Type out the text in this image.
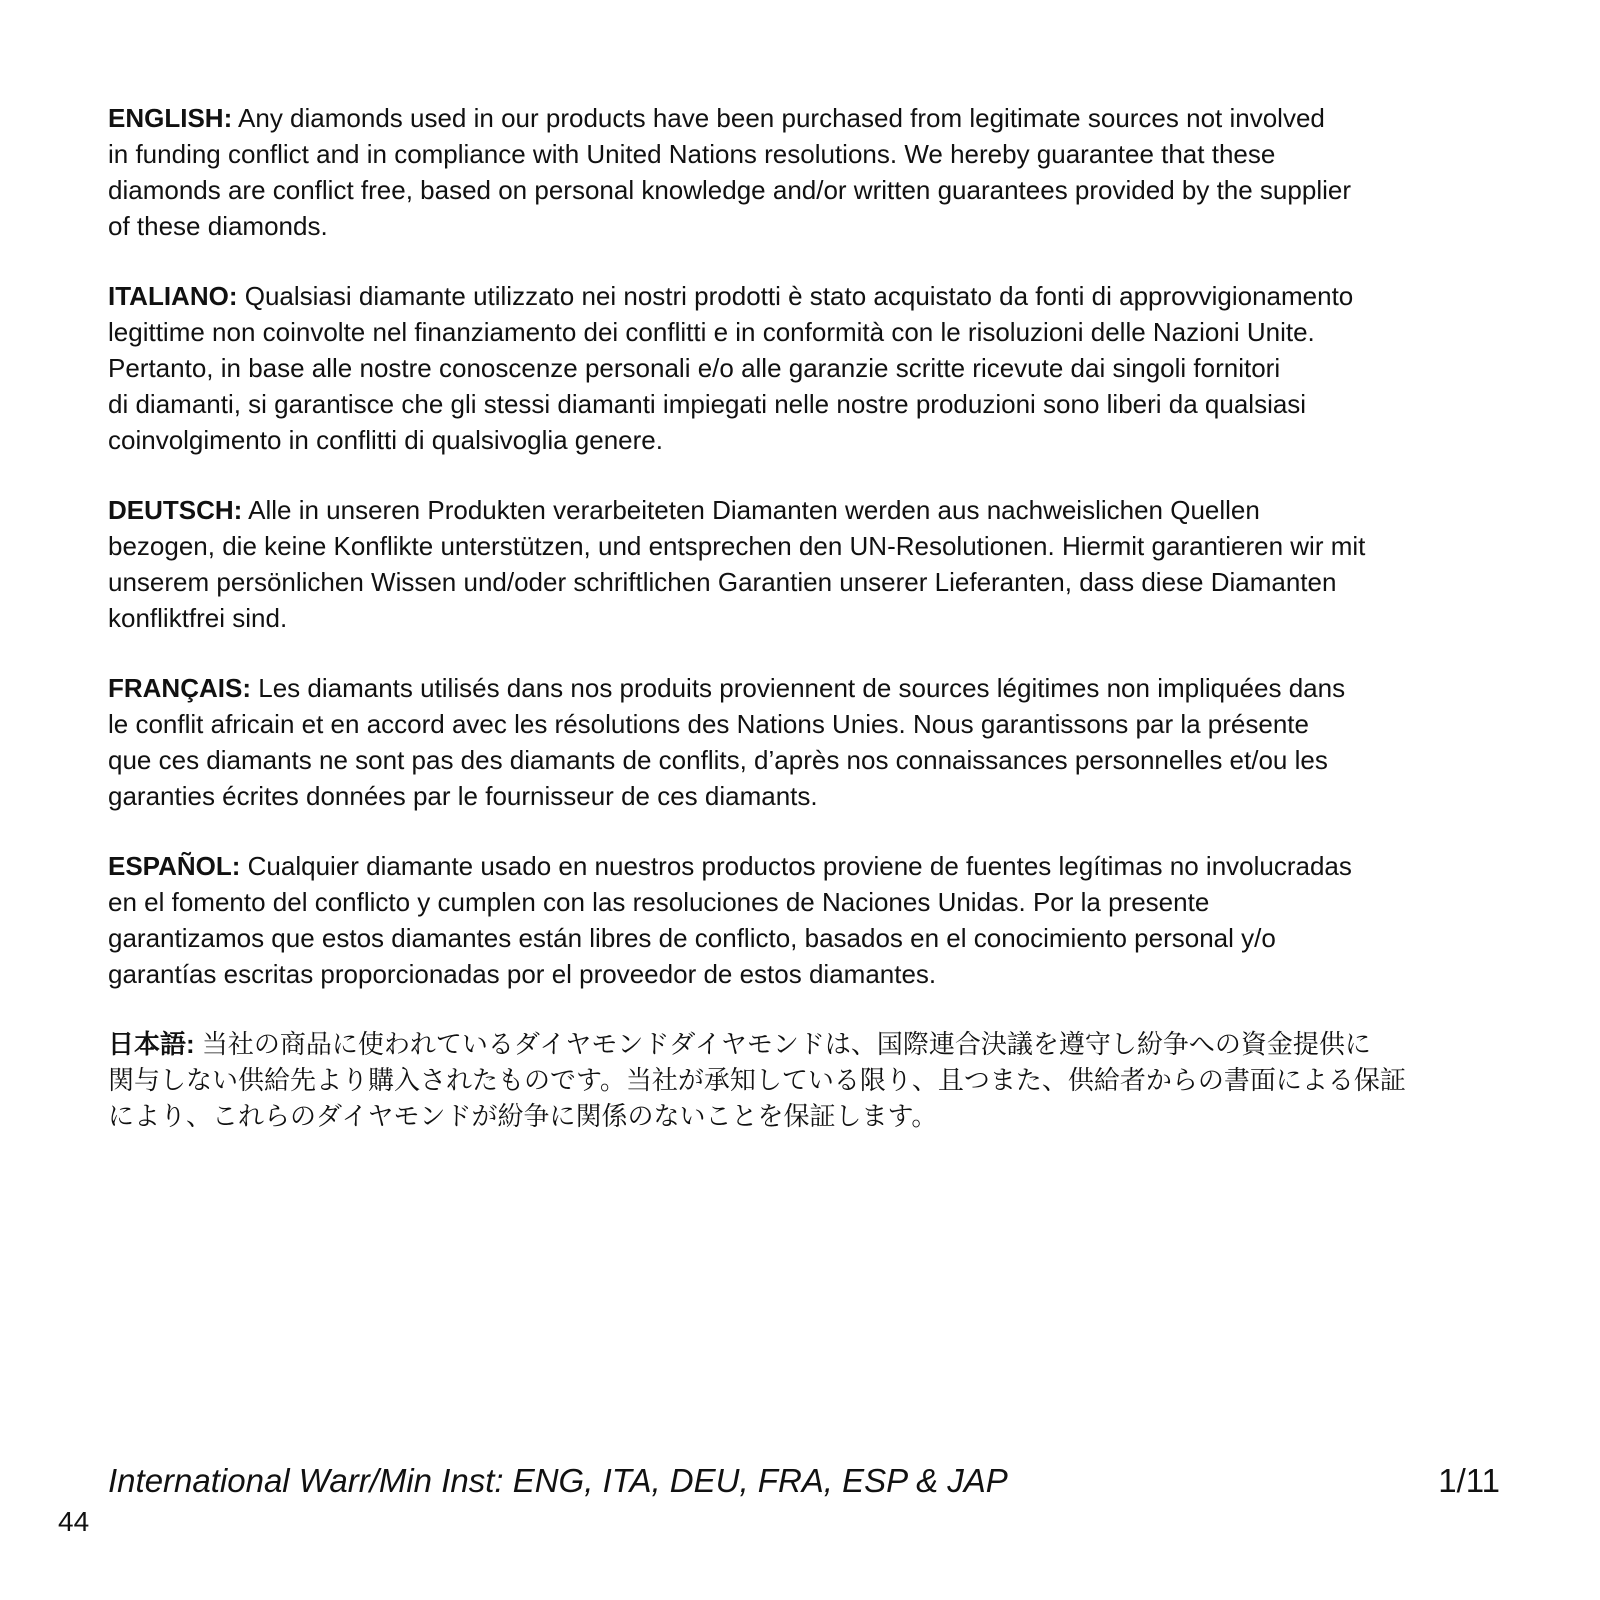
ENGLISH: Any diamonds used in our products have been purchased from legitimate sources not involved
in funding conflict and in compliance with United Nations resolutions. We hereby guarantee that these
diamonds are conflict free, based on personal knowledge and/or written guarantees provided by the supplier
of these diamonds.

ITALIANO: Qualsiasi diamante utilizzato nei nostri prodotti è stato acquistato da fonti di approvvigionamento
legittime non coinvolte nel finanziamento dei conflitti e in conformità con le risoluzioni delle Nazioni Unite.
Pertanto, in base alle nostre conoscenze personali e/o alle garanzie scritte ricevute dai singoli fornitori
di diamanti, si garantisce che gli stessi diamanti impiegati nelle nostre produzioni sono liberi da qualsiasi
coinvolgimento in conflitti di qualsivoglia genere.

DEUTSCH: Alle in unseren Produkten verarbeiteten Diamanten werden aus nachweislichen Quellen
bezogen, die keine Konflikte unterstützen, und entsprechen den UN-Resolutionen. Hiermit garantieren wir mit
unserem persönlichen Wissen und/oder schriftlichen Garantien unserer Lieferanten, dass diese Diamanten
konfliktfrei sind.

FRANÇAIS: Les diamants utilisés dans nos produits proviennent de sources légitimes non impliquées dans
le conflit africain et en accord avec les résolutions des Nations Unies. Nous garantissons par la présente
que ces diamants ne sont pas des diamants de conflits, d’après nos connaissances personnelles et/ou les
garanties écrites données par le fournisseur de ces diamants.

ESPAÑOL: Cualquier diamante usado en nuestros productos proviene de fuentes legítimas no involucradas
en el fomento del conflicto y cumplen con las resoluciones de Naciones Unidas. Por la presente
garantizamos que estos diamantes están libres de conflicto, basados en el conocimiento personal y/o
garantías escritas proporcionadas por el proveedor de estos diamantes.

日本語: 当社の商品に使われているダイヤモンドダイヤモンドは、国際連合決議を遵守し紛争への資金提供に
関与しない供給先より購入されたものです。当社が承知している限り、且つまた、供給者からの書面による保証
により、これらのダイヤモンドが紛争に関係のないことを保証します。

International Warr/Min Inst: ENG, ITA, DEU, FRA, ESP & JAP	1/11
44
